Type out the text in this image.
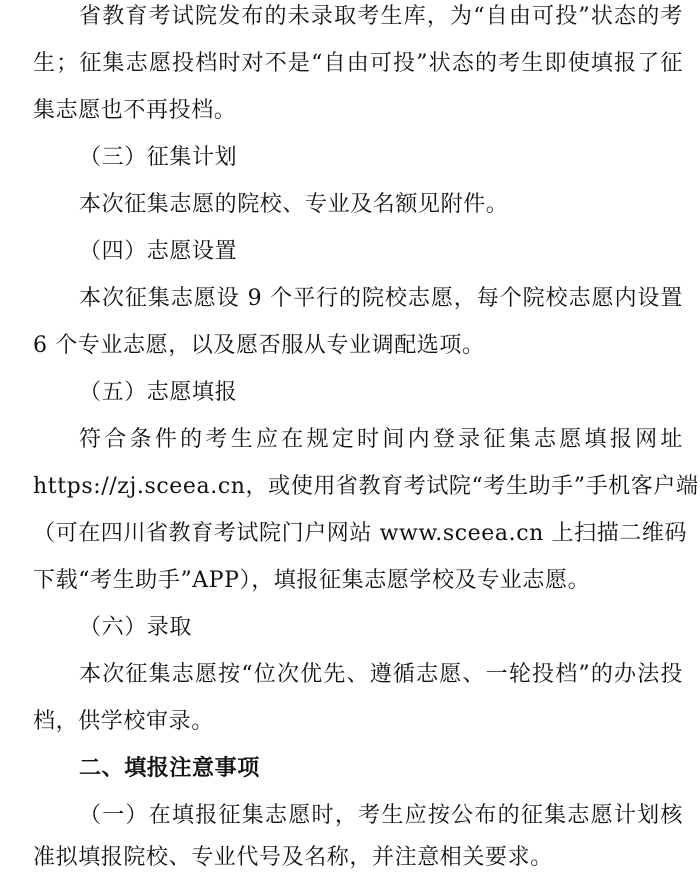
省教育考试院发布的未录取考生库，为“自由可投”状态的考
生；征集志愿投档时对不是“自由可投”状态的考生即使填报了征
集志愿也不再投档。
（三）征集计划
本次征集志愿的院校、专业及名额见附件。
（四）志愿设置
本次征集志愿设 9 个平行的院校志愿，每个院校志愿内设置
6 个专业志愿，以及愿否服从专业调配选项。
（五）志愿填报
符合条件的考生应在规定时间内登录征集志愿填报网址
https://zj.sceea.cn，或使用省教育考试院“考生助手”手机客户端
（可在四川省教育考试院门户网站 www.sceea.cn 上扫描二维码
下载“考生助手”APP），填报征集志愿学校及专业志愿。
（六）录取
本次征集志愿按“位次优先、遵循志愿、一轮投档”的办法投
档，供学校审录。
二、填报注意事项
（一）在填报征集志愿时，考生应按公布的征集志愿计划核
准拟填报院校、专业代号及名称，并注意相关要求。
